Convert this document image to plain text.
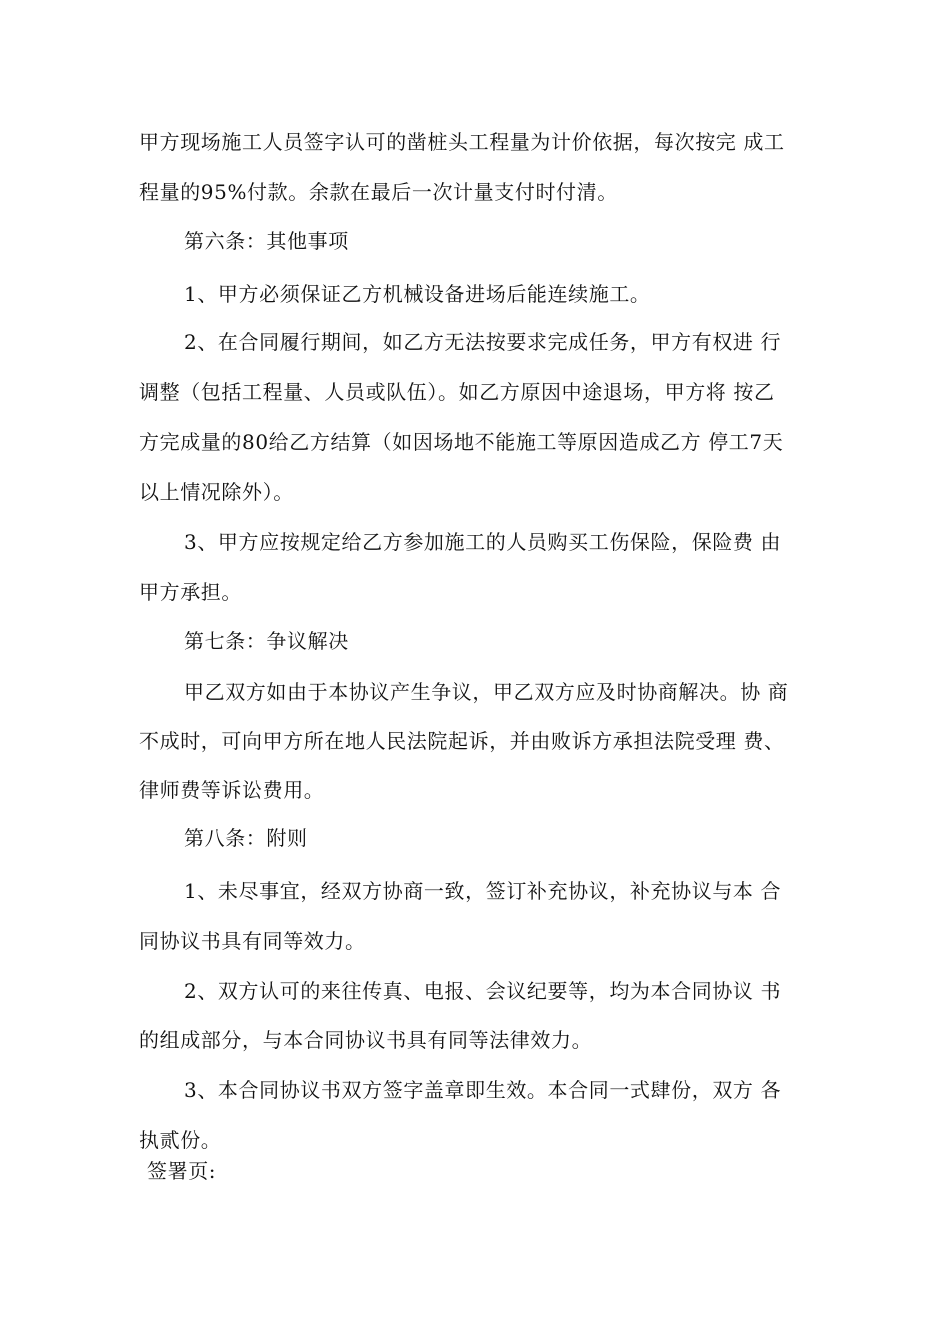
甲方现场施工人员签字认可的凿桩头工程量为计价依据，每次按完 成工
程量的95%付款。余款在最后一次计量支付时付清。
第六条：其他事项
1、甲方必须保证乙方机械设备进场后能连续施工。
2、在合同履行期间，如乙方无法按要求完成任务，甲方有权进 行
调整（包括工程量、人员或队伍）。如乙方原因中途退场，甲方将 按乙
方完成量的80给乙方结算（如因场地不能施工等原因造成乙方 停工7天
以上情况除外）。
3、甲方应按规定给乙方参加施工的人员购买工伤保险，保险费 由
甲方承担。
第七条：争议解决
甲乙双方如由于本协议产生争议，甲乙双方应及时协商解决。协 商
不成时，可向甲方所在地人民法院起诉，并由败诉方承担法院受理 费、
律师费等诉讼费用。
第八条：附则
1、未尽事宜，经双方协商一致，签订补充协议，补充协议与本 合
同协议书具有同等效力。
2、双方认可的来往传真、电报、会议纪要等，均为本合同协议 书
的组成部分，与本合同协议书具有同等法律效力。
3、本合同协议书双方签字盖章即生效。本合同一式肆份，双方 各
执贰份。
签署页:
